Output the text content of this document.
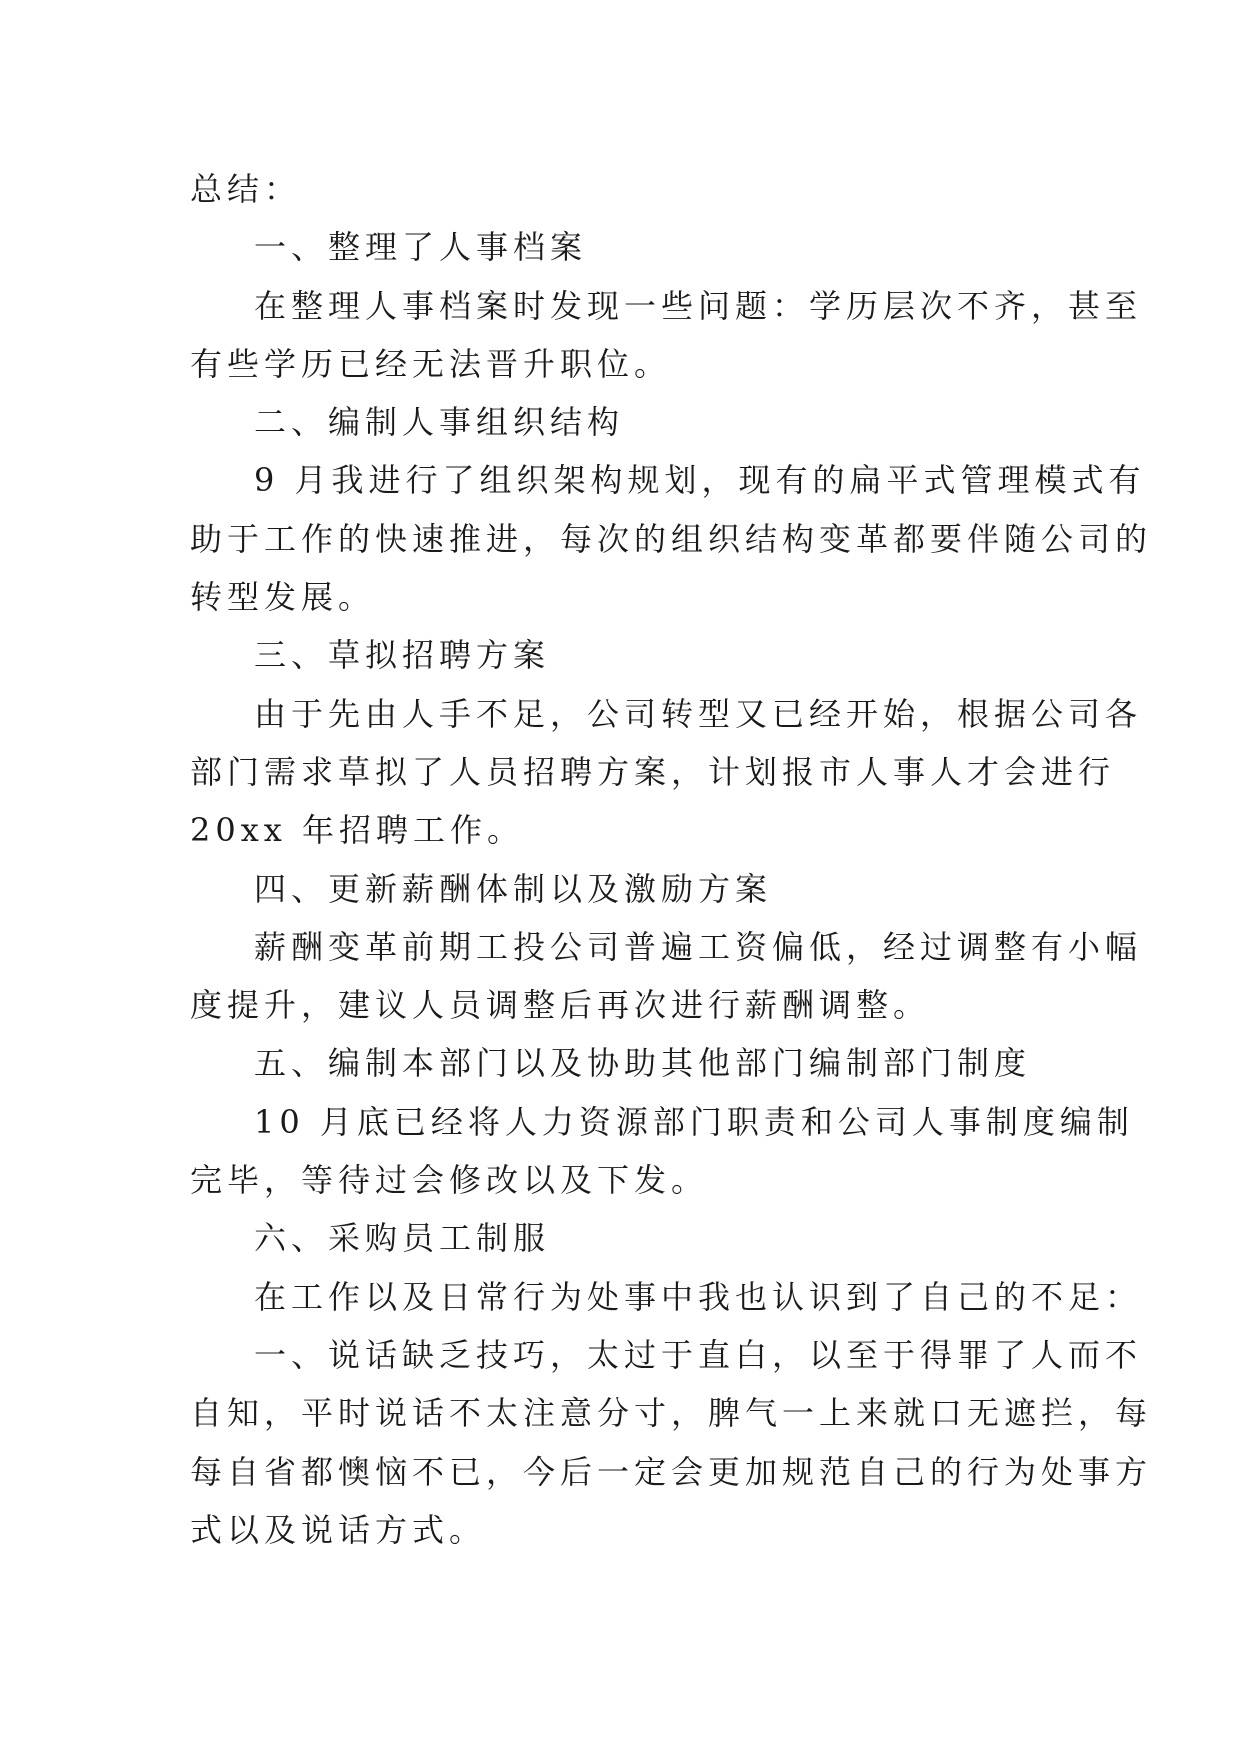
总结：
一、整理了人事档案
在整理人事档案时发现一些问题：学历层次不齐，甚至
有些学历已经无法晋升职位。
二、编制人事组织结构
9 月我进行了组织架构规划，现有的扁平式管理模式有
助于工作的快速推进，每次的组织结构变革都要伴随公司的
转型发展。
三、草拟招聘方案
由于先由人手不足，公司转型又已经开始，根据公司各
部门需求草拟了人员招聘方案，计划报市人事人才会进行
20xx 年招聘工作。
四、更新薪酬体制以及激励方案
薪酬变革前期工投公司普遍工资偏低，经过调整有小幅
度提升，建议人员调整后再次进行薪酬调整。
五、编制本部门以及协助其他部门编制部门制度
10 月底已经将人力资源部门职责和公司人事制度编制
完毕，等待过会修改以及下发。
六、采购员工制服
在工作以及日常行为处事中我也认识到了自己的不足：
一、说话缺乏技巧，太过于直白，以至于得罪了人而不
自知，平时说话不太注意分寸，脾气一上来就口无遮拦，每
每自省都懊恼不已，今后一定会更加规范自己的行为处事方
式以及说话方式。
